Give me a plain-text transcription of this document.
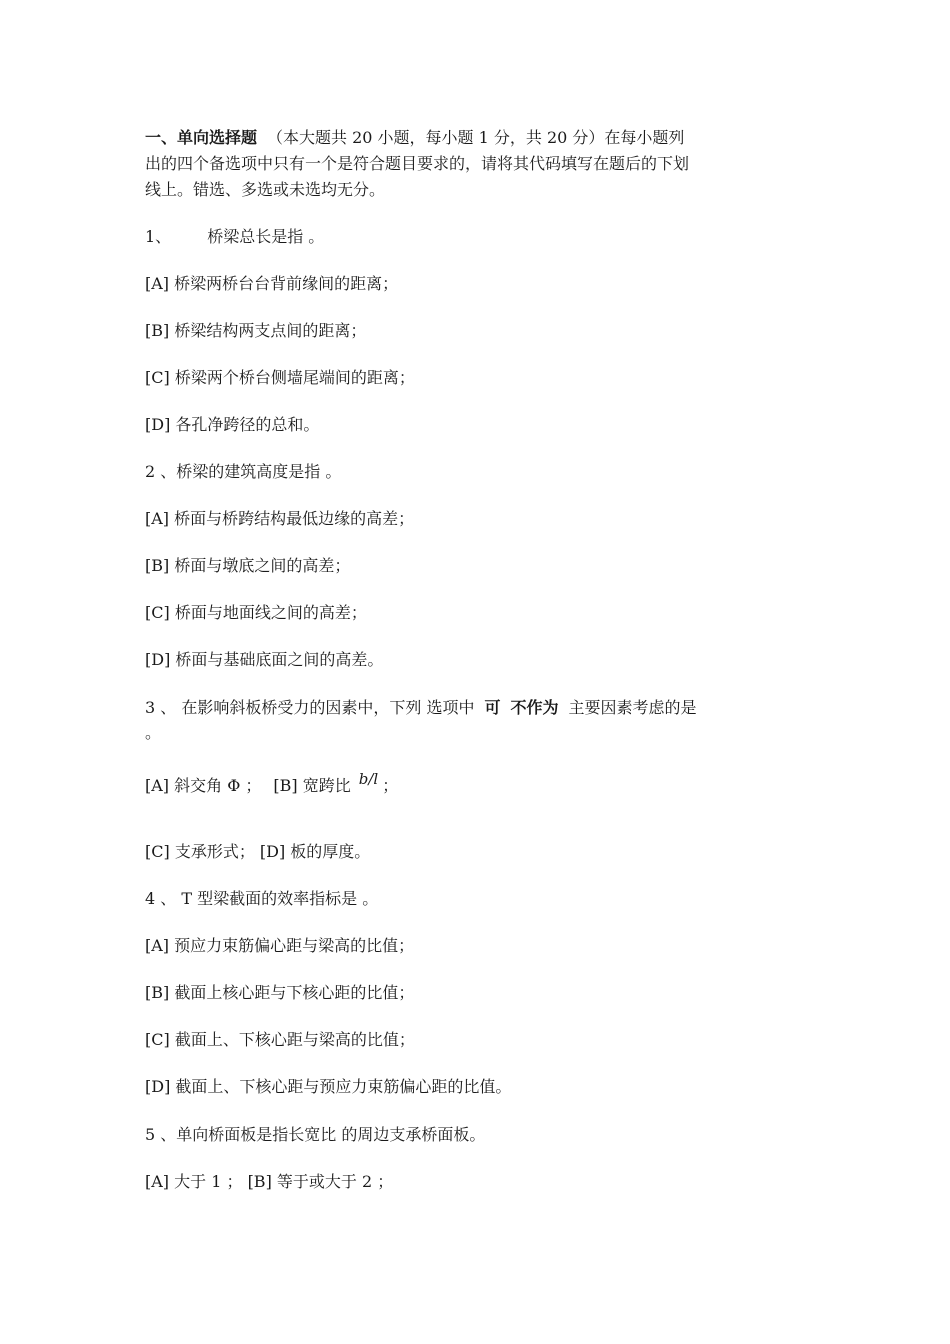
一、单向选择题 （本大题共 20 小题，每小题 1 分，共 20 分）在每小题列
出的四个备选项中只有一个是符合题目要求的，请将其代码填写在题后的下划
线上。错选、多选或未选均无分。
1、 桥梁总长是指 。
[A] 桥梁两桥台台背前缘间的距离；
[B] 桥梁结构两支点间的距离；
[C] 桥梁两个桥台侧墙尾端间的距离；
[D] 各孔净跨径的总和。
2 、桥梁的建筑高度是指 。
[A] 桥面与桥跨结构最低边缘的高差；
[B] 桥面与墩底之间的高差；
[C] 桥面与地面线之间的高差；
[D] 桥面与基础底面之间的高差。
3 、 在影响斜板桥受力的因素中，下列 选项中 可 不作为 主要因素考虑的是
。
[A] 斜交角 Φ ； [B] 宽跨比 b/l ；
[C] 支承形式； [D] 板的厚度。
4 、 T 型梁截面的效率指标是 。
[A] 预应力束筋偏心距与梁高的比值；
[B] 截面上核心距与下核心距的比值；
[C] 截面上、下核心距与梁高的比值；
[D] 截面上、下核心距与预应力束筋偏心距的比值。
5 、单向桥面板是指长宽比 的周边支承桥面板。
[A] 大于 1 ； [B] 等于或大于 2 ；
